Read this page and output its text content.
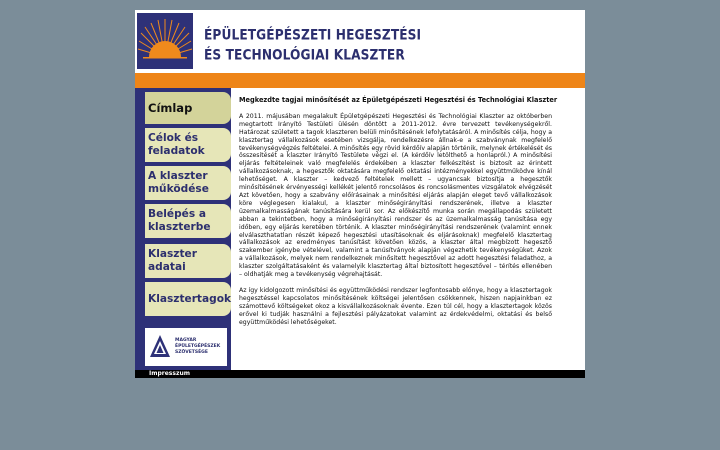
ÉPÜLETGÉPÉSZETI HEGESZTÉSI
ÉS TECHNOLÓGIAI KLASZTER
Címlap
Célok és feladatok
A klaszter működése
Belépés a klaszterbe
Klaszter adatai
Klasztertagok
MAGYAR ÉPÜLETGÉPÉSZEK SZÖVETSÉGE
Megkezdte tagjai minősítését az Épületgépészeti Hegesztési és Technológiai Klaszter

A 2011. májusában megalakult Épületgépészeti Hegesztési és Technológiai Klaszter az októberben megtartott Irányító Testületi ülésén döntött a 2011-2012. évre tervezett tevékenységekről. Határozat született a tagok klaszteren belüli minősítésének lefolytatásáról. A minősítés célja, hogy a klasztertag vállalkozások esetében vizsgálja, rendelkezésre állnak-e a szabványnak megfelelő tevékenységvégzés feltételei. A minősítés egy rövid kérdőív alapján történik, melynek értékelését és összesítését a klaszter Irányító Testülete végzi el. (A kérdőív letölthető a honlapról.) A minősítési eljárás feltételeinek való megfelelés érdekében a klaszter felkészítést is biztosít az érintett vállalkozásoknak, a hegesztők oktatására megfelelő oktatási intézményekkel együttműködve kínál lehetőséget. A klaszter – kedvező feltételek mellett – ugyancsak biztosítja a hegesztők minősítésének érvényességi kellékét jelentő roncsolásos és roncsolásmentes vizsgálatok elvégzését Azt követően, hogy a szabvány előírásainak a minősítési eljárás alapján eleget tevő vállalkozások köre véglegesen kialakul, a klaszter minőségirányítási rendszerének, illetve a klaszter üzemalkalmasságának tanúsítására kerül sor. Az előkészítő munka során megállapodás született abban a tekintetben, hogy a minőségirányítási rendszer és az üzemalkalmasság tanúsítása egy időben, egy eljárás keretében történik. A klaszter minőségirányítási rendszerének (valamint ennek elválaszthatatlan részét képező hegesztési utasításoknak és eljárásoknak) megfelelő klasztertag vállalkozások az eredményes tanúsítást követően közös, a klaszter által megbízott hegesztő szakember igénybe vételével, valamint a tanúsítványok alapján végezhetik tevékenységüket. Azok a vállalkozások, melyek nem rendelkeznek minősített hegesztővel az adott hegesztési feladathoz, a klaszter szolgáltatásaként és valamelyik klasztertag által biztosított hegesztővel – térítés ellenében – oldhatják meg a tevékenység végrehajtását.

Az így kidolgozott minősítési és együttműködési rendszer legfontosabb előnye, hogy a klasztertagok hegesztéssel kapcsolatos minősítésének költségei jelentősen csökkennek, hiszen napjainkban ez számottevő költségeket okoz a kisvállalkozásoknak évente. Ezen túl cél, hogy a klasztertagok közös erővel ki tudják használni a fejlesztési pályázatokat valamint az érdekvédelmi, oktatási és belső együttműködési lehetőségeket.

Impresszum
